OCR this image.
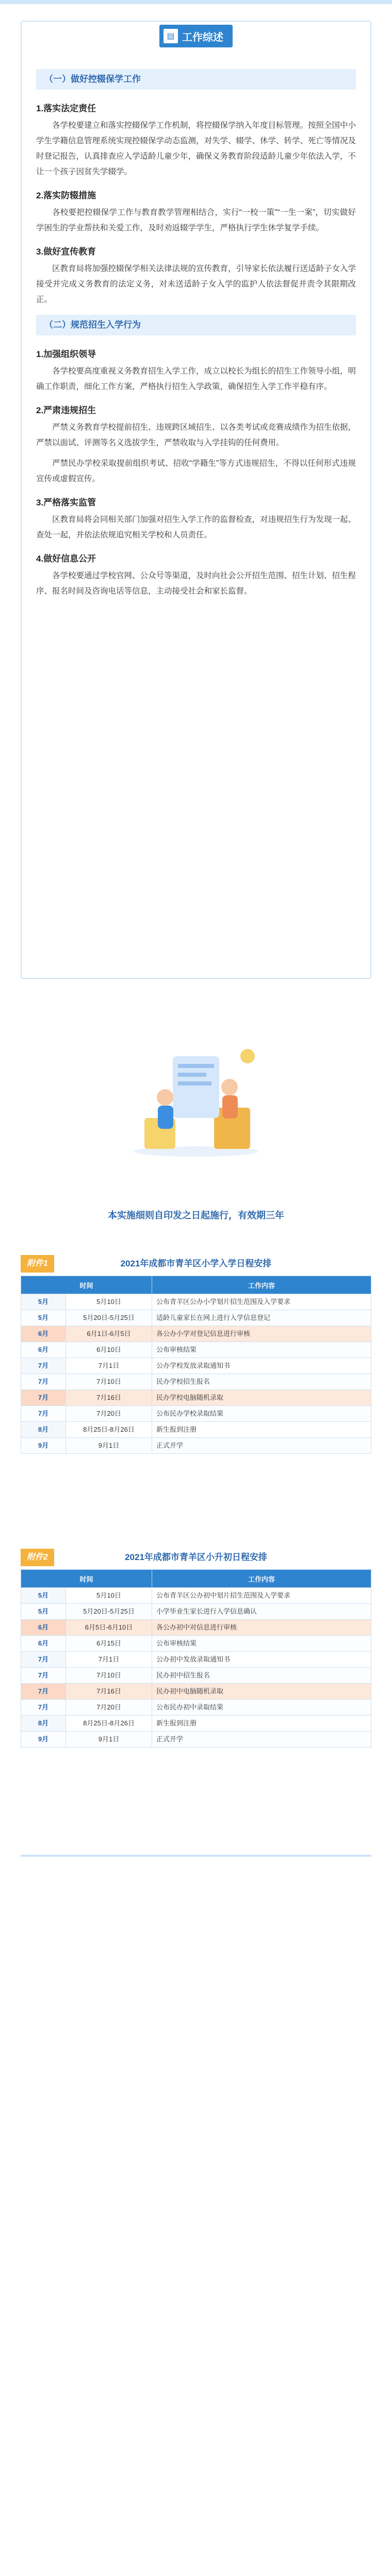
▤ 工作综述
（一）做好控辍保学工作
1.落实法定责任
各学校要建立和落实控辍保学工作机制，将控辍保学纳入年度目标管理。按照全国中小学生学籍信息管理系统实现控辍保学动态监测，对失学、辍学、休学、转学、死亡等情况及时登记报告，认真排查应入学适龄儿童少年，确保义务教育阶段适龄儿童少年依法入学，不让一个孩子因贫失学辍学。
2.落实防辍措施
各校要把控辍保学工作与教育教学管理相结合，实行“一校一策”“一生一案”，切实做好学困生的学业帮扶和关爱工作，及时劝返辍学学生，严格执行学生休学复学手续。
3.做好宣传教育
区教育局将加强控辍保学相关法律法规的宣传教育，引导家长依法履行送适龄子女入学接受并完成义务教育的法定义务，对未送适龄子女入学的监护人依法督促并责令其限期改正。
（二）规范招生入学行为
1.加强组织领导
各学校要高度重视义务教育招生入学工作，成立以校长为组长的招生工作领导小组，明确工作职责，细化工作方案，严格执行招生入学政策，确保招生入学工作平稳有序。
2.严肃违规招生
严禁义务教育学校提前招生、违规跨区域招生、以各类考试或竞赛成绩作为招生依据，严禁以面试、评测等名义选拔学生，严禁收取与入学挂钩的任何费用。
严禁民办学校采取提前组织考试、招收“学籍生”等方式违规招生，不得以任何形式违规宣传或虚假宣传。
3.严格落实监管
区教育局将会同相关部门加强对招生入学工作的监督检查，对违规招生行为发现一起、查处一起，并依法依规追究相关学校和人员责任。
4.做好信息公开
各学校要通过学校官网、公众号等渠道，及时向社会公开招生范围、招生计划、招生程序、报名时间及咨询电话等信息，主动接受社会和家长监督。
本实施细则自印发之日起施行，有效期三年
2021年成都市青羊区小学入学日程安排
附件1
时间		工作内容
5月	5月10日	公布青羊区公办小学划片招生范围及入学要求
5月	5月20日-5月25日	适龄儿童家长在网上进行入学信息登记
6月	6月1日-6月5日	各公办小学对登记信息进行审核
6月	6月10日	公布审核结果
7月	7月1日	公办学校发放录取通知书
7月	7月10日	民办学校招生报名
7月	7月16日	民办学校电脑随机录取
7月	7月20日	公布民办学校录取结果
8月	8月25日-8月26日	新生报到注册
9月	9月1日	正式开学
2021年成都市青羊区小升初日程安排
附件2
时间		工作内容
5月	5月10日	公布青羊区公办初中划片招生范围及入学要求
5月	5月20日-5月25日	小学毕业生家长进行入学信息确认
6月	6月5日-6月10日	各公办初中对信息进行审核
6月	6月15日	公布审核结果
7月	7月1日	公办初中发放录取通知书
7月	7月10日	民办初中招生报名
7月	7月16日	民办初中电脑随机录取
7月	7月20日	公布民办初中录取结果
8月	8月25日-8月26日	新生报到注册
9月	9月1日	正式开学
